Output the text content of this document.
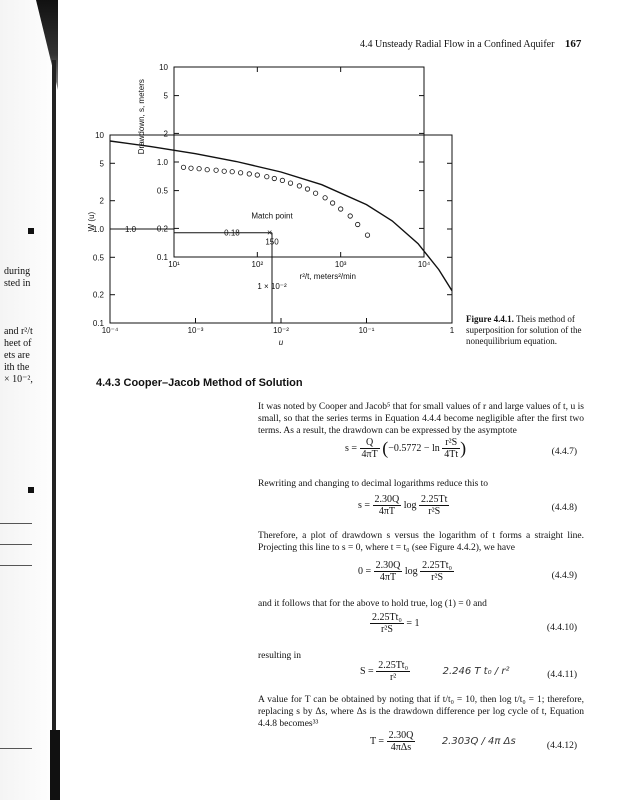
during
sted in
and r²/t
heet of
ets are
ith the
× 10⁻²,
4.4 Unsteady Radial Flow in a Confined Aquifer 167
10⁻⁴	10⁻³	10⁻²	10⁻¹	1
u
0.1
0.2
0.5
1.0
2
5
10
W (u)
10¹	10²	10³	10⁴
r²/t, meters²/min
0.1
0.2
0.5
1.0
2
5
10
Drawdown, s, meters
Match point
×
150
1 × 10⁻²
0.18
1.0
Figure 4.4.1. Theis method of superposition for solution of the nonequilibrium equation.
4.4.3 Cooper–Jacob Method of Solution
It was noted by Cooper and Jacob⁵ that for small values of r and large values of t, u is small, so that the series terms in Equation 4.4.4 become negligible after the first two terms. As a result, the drawdown can be expressed by the asymptote
$s = \frac{Q}{4\pi T} (-0.5772 - \ln \frac{\text{r²S}}{4Tt}$ )	(4.4.7)
Rewriting and changing to decimal logarithms reduce this to
$s = \frac{2.30Q}{4\pi T}$ $\log \frac{2.25Tt}{\text{r²S}}$	(4.4.8)
Therefore, a plot of drawdown s versus the logarithm of t forms a straight line. Projecting this line to s = 0, where t = t₀ (see Figure 4.4.2), we have
$0 = \frac{2.30Q}{4\pi T}$ $\log \frac{\text{2.25Tt₀}}{\text{r²S}}$	(4.4.9)
and it follows that for the above to hold true, log (1) = 0 and
$\frac{\text{2.25Tt₀}}{\text{r²S}} = 1$	(4.4.10)
resulting in
$S = \frac{\text{2.25Tt₀}}{\text{r²}}$	2.246 T t₀ / r²	(4.4.11)
A value for T can be obtained by noting that if t/t₀ = 10, then log t/t₀ = 1; therefore, replacing s by Δs, where Δs is the drawdown difference per log cycle of t, Equation 4.4.8 becomes³³
$T = \frac{2.30Q}{\text{4πΔs}}$	2.303Q / 4π Δs	(4.4.12)
